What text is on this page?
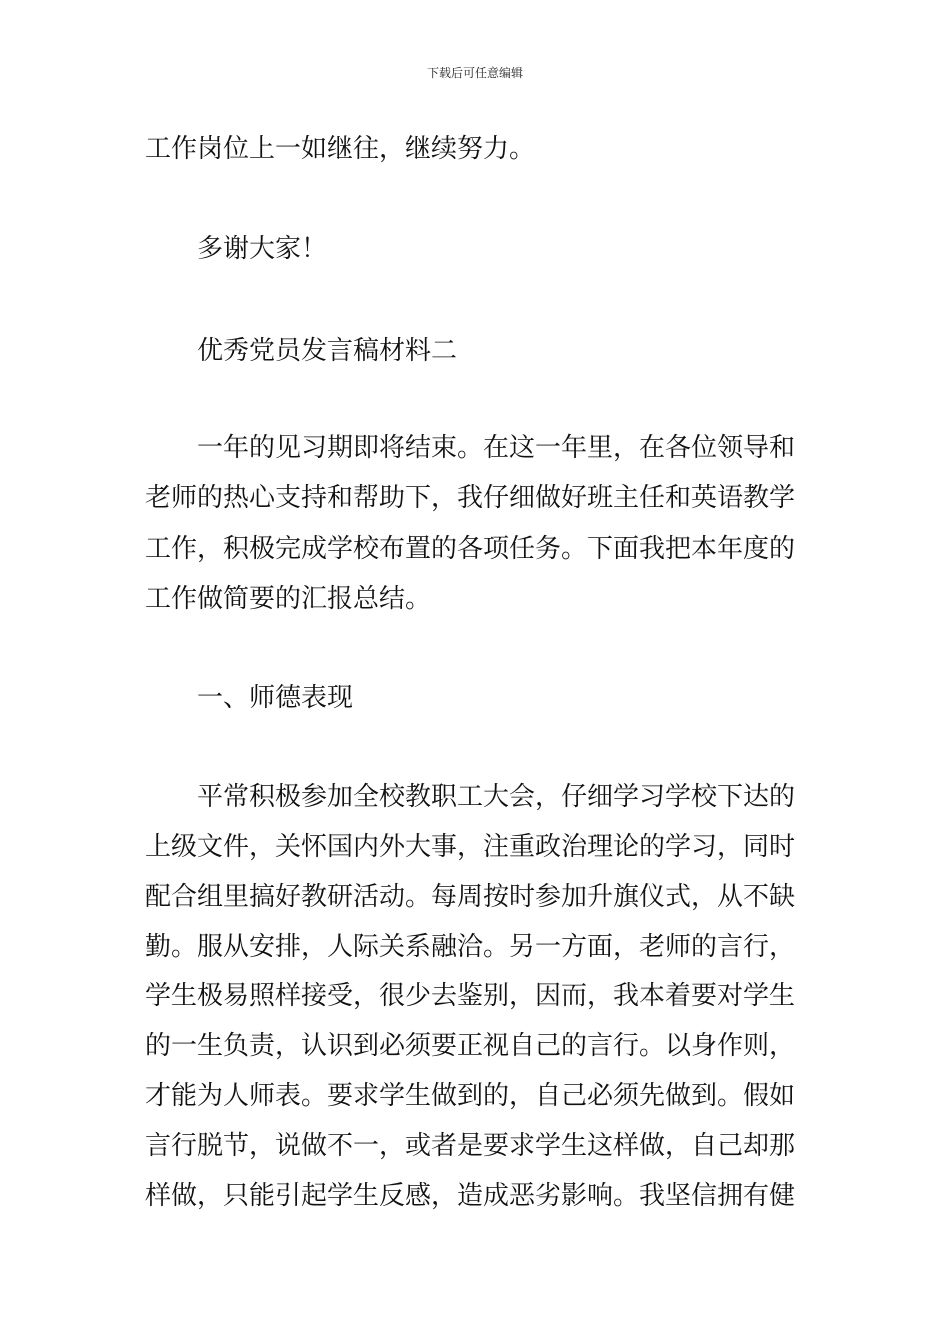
下载后可任意编辑
工作岗位上一如继往，继续努力。
多谢大家！
优秀党员发言稿材料二
一年的见习期即将结束。在这一年里，在各位领导和
老师的热心支持和帮助下，我仔细做好班主任和英语教学
工作，积极完成学校布置的各项任务。下面我把本年度的
工作做简要的汇报总结。
一、师德表现
平常积极参加全校教职工大会，仔细学习学校下达的
上级文件，关怀国内外大事，注重政治理论的学习，同时
配合组里搞好教研活动。每周按时参加升旗仪式，从不缺
勤。服从安排，人际关系融洽。另一方面，老师的言行，
学生极易照样接受，很少去鉴别，因而，我本着要对学生
的一生负责，认识到必须要正视自己的言行。以身作则，
才能为人师表。要求学生做到的，自己必须先做到。假如
言行脱节，说做不一，或者是要求学生这样做，自己却那
样做，只能引起学生反感，造成恶劣影响。我坚信拥有健
